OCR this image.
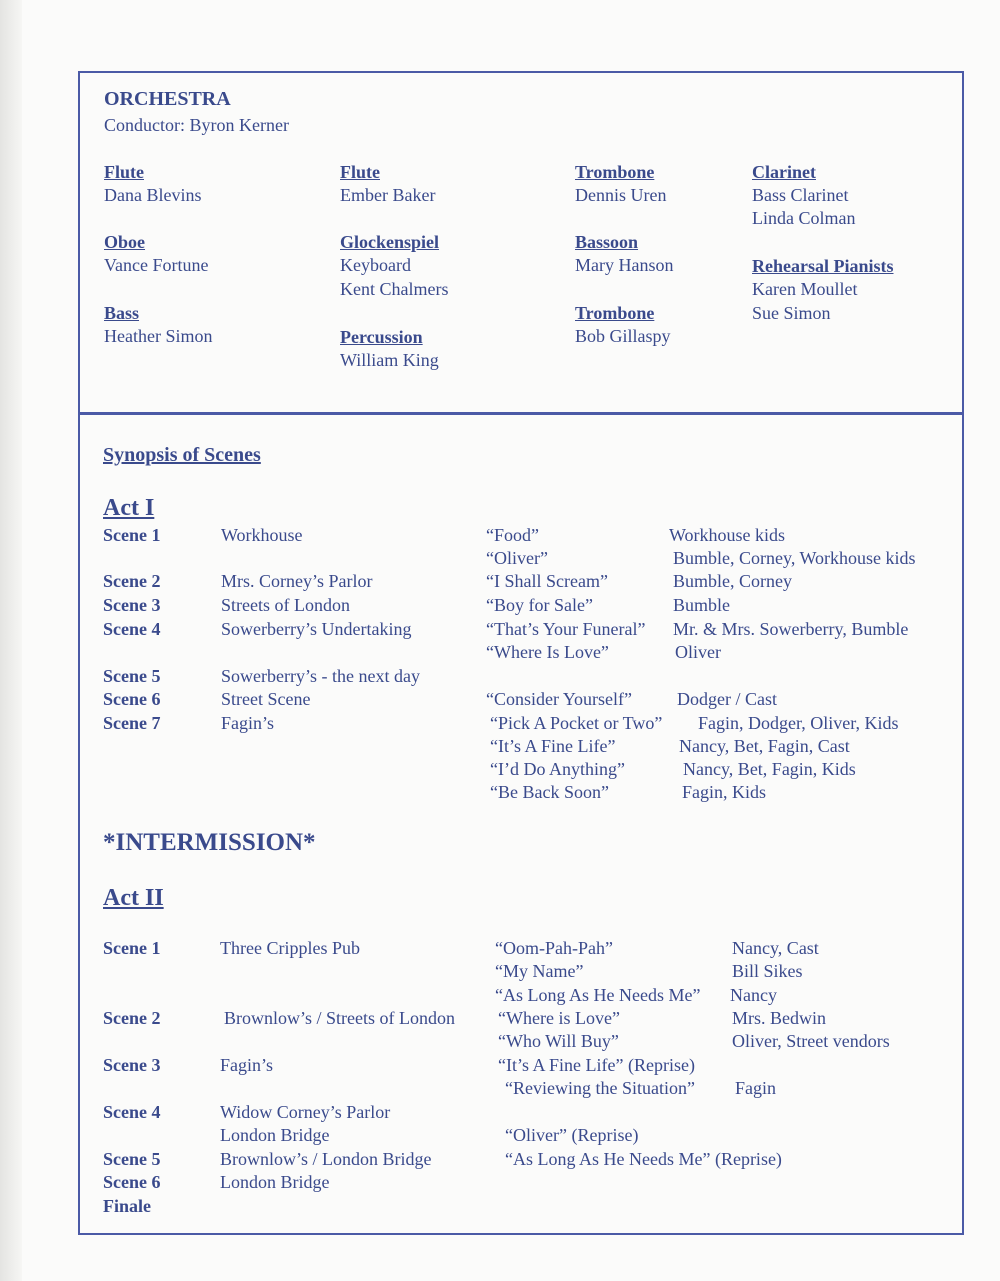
ORCHESTRA
Conductor: Byron Kerner
Flute
Dana Blevins
Oboe
Vance Fortune
Bass
Heather Simon
Flute
Ember Baker
Glockenspiel
Keyboard
Kent Chalmers
Percussion
William King
Trombone
Dennis Uren
Bassoon
Mary Hanson
Trombone
Bob Gillaspy
Clarinet
Bass Clarinet
Linda Colman
Rehearsal Pianists
Karen Moullet
Sue Simon
Synopsis of Scenes
Act I
Scene 1	Workhouse	“Food”	Workhouse kids
“Oliver”	Bumble, Corney, Workhouse kids
Scene 2	Mrs. Corney’s Parlor	“I Shall Scream”	Bumble, Corney
Scene 3	Streets of London	“Boy for Sale”	Bumble
Scene 4	Sowerberry’s Undertaking	“That’s Your Funeral” Mr. & Mrs. Sowerberry, Bumble
“Where Is Love”	Oliver
Scene 5	Sowerberry’s - the next day
Scene 6	Street Scene	“Consider Yourself”	Dodger / Cast
Scene 7	Fagin’s	“Pick A Pocket or Two” Fagin, Dodger, Oliver, Kids
“It’s A Fine Life”	Nancy, Bet, Fagin, Cast
“I’d Do Anything”	Nancy, Bet, Fagin, Kids
“Be Back Soon”	Fagin, Kids
*INTERMISSION*
Act II
Scene 1	Three Cripples Pub	“Oom-Pah-Pah”	Nancy, Cast
“My Name”	Bill Sikes
“As Long As He Needs Me” Nancy
Scene 2	Brownlow’s / Streets of London “Where is Love”	Mrs. Bedwin
“Who Will Buy”	Oliver, Street vendors
Scene 3	Fagin’s	“It’s A Fine Life” (Reprise)
“Reviewing the Situation” Fagin
Scene 4	Widow Corney’s Parlor
London Bridge	“Oliver” (Reprise)
Scene 5	Brownlow’s / London Bridge	“As Long As He Needs Me” (Reprise)
Scene 6	London Bridge
Finale
